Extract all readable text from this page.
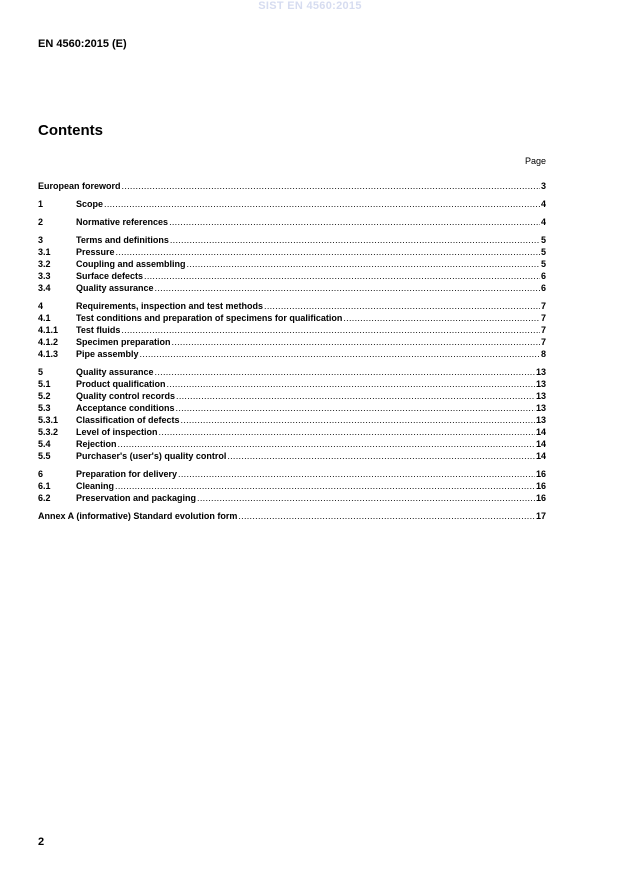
SIST EN 4560:2015
EN 4560:2015 (E)
Contents
Page
European foreword .....	3
1	Scope .....	4
2	Normative references .....	4
3	Terms and definitions .....	5
3.1	Pressure .....	5
3.2	Coupling and assembling .....	5
3.3	Surface defects .....	6
3.4	Quality assurance .....	6
4	Requirements, inspection and test methods .....	7
4.1	Test conditions and preparation of specimens for qualification .....	7
4.1.1	Test fluids .....	7
4.1.2	Specimen preparation .....	7
4.1.3	Pipe assembly .....	8
5	Quality assurance .....	13
5.1	Product qualification .....	13
5.2	Quality control records .....	13
5.3	Acceptance conditions .....	13
5.3.1	Classification of defects .....	13
5.3.2	Level of inspection .....	14
5.4	Rejection .....	14
5.5	Purchaser's (user's) quality control .....	14
6	Preparation for delivery .....	16
6.1	Cleaning .....	16
6.2	Preservation and packaging .....	16
Annex A (informative) Standard evolution form .....	17
2
